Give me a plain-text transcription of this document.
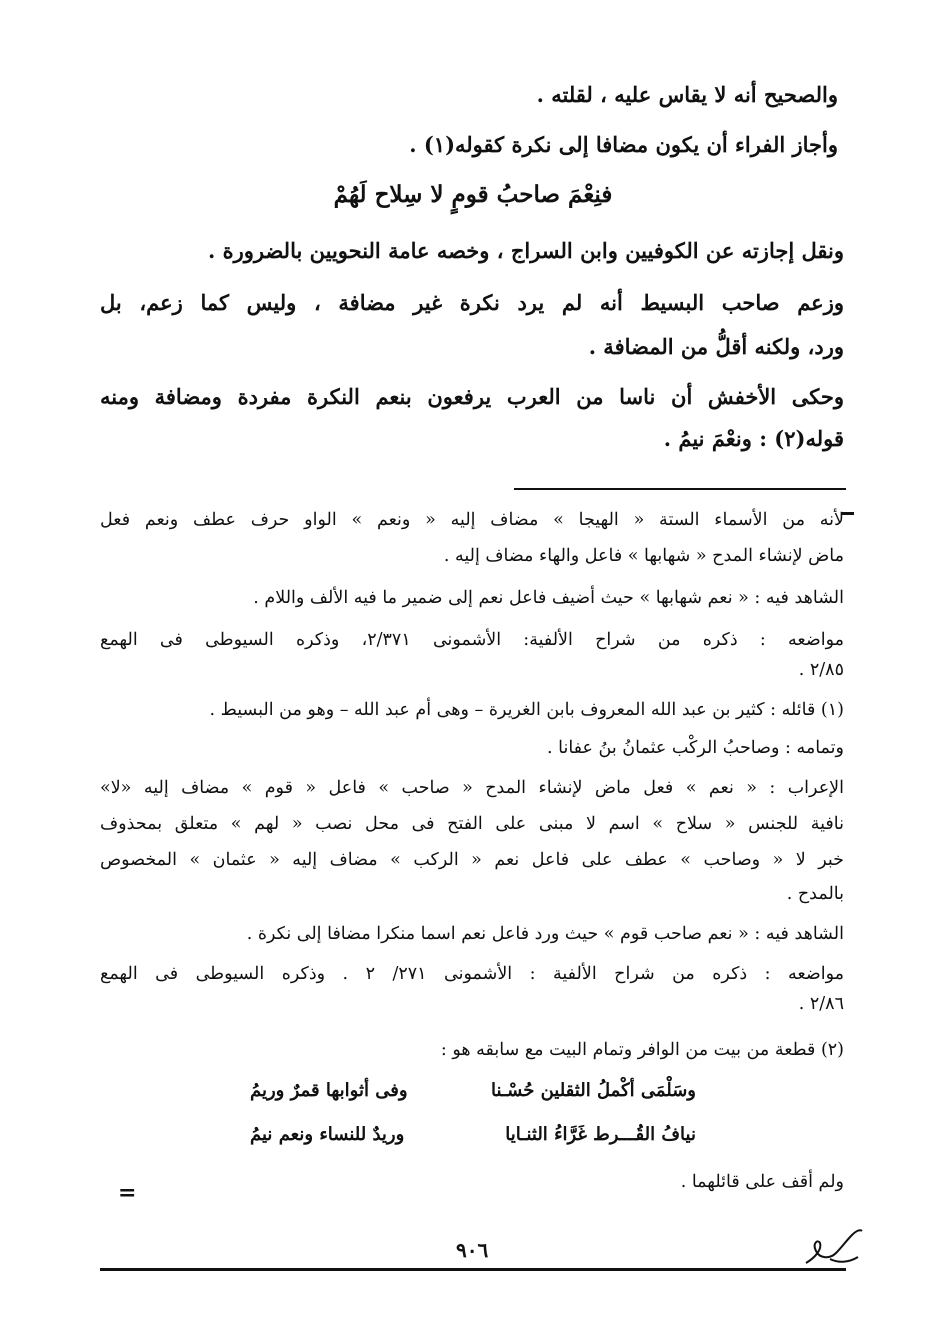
والصحيح أنه لا يقاس عليه ، لقلته .
وأجاز الفراء أن يكون مضافا إلى نكرة كقوله(١) .
فنِعْمَ صاحبُ قومٍ لا سِلاح لَهُمْ
ونقل إجازته عن الكوفيين وابن السراج ، وخصه عامة النحويين بالضرورة .
وزعم صاحب البسيط أنه لم يرد نكرة غير مضافة ، وليس كما زعم، بل
ورد، ولكنه أقلُّ من المضافة .
وحكى الأخفش أن ناسا من العرب يرفعون بنعم النكرة مفردة ومضافة ومنه
قوله(٢) : ونعْمَ نيمُ .
لأنه من الأسماء الستة « الهيجا » مضاف إليه « ونعم » الواو حرف عطف ونعم فعل
ماض لإنشاء المدح « شهابها » فاعل والهاء مضاف إليه .
الشاهد فيه : « نعم شهابها » حيث أضيف فاعل نعم إلى ضمير ما فيه الألف واللام .
مواضعه : ذكره من شراح الألفية: الأشمونى ٢/٣٧١، وذكره السيوطى فى الهمع
٢/٨٥ .
(١) قائله : كثير بن عبد الله المعروف بابن الغريرة – وهى أم عبد الله – وهو من البسيط .
وتمامه : وصاحبُ الركْب عثمانُ بنُ عفانا .
الإعراب : « نعم » فعل ماض لإنشاء المدح « صاحب » فاعل « قوم » مضاف إليه «لا»
نافية للجنس « سلاح » اسم لا مبنى على الفتح فى محل نصب « لهم » متعلق بمحذوف
خبر لا « وصاحب » عطف على فاعل نعم « الركب » مضاف إليه « عثمان » المخصوص
بالمدح .
الشاهد فيه : « نعم صاحب قوم » حيث ورد فاعل نعم اسما منكرا مضافا إلى نكرة .
مواضعه : ذكره من شراح الألفية : الأشمونى ٢٧١/ ٢ . وذكره السيوطى فى الهمع
٢/٨٦ .
(٢) قطعة من بيت من الوافر وتمام البيت مع سابقه هو :
وسَلْمَى أكْملُ الثقلين حُسْـنا
وفى أثوابها قمرٌ وريمُ
نيافُ القُـــرط غَرَّاءُ الثنـايا
وريدٌ للنساء ونعم نيمُ
ولم أقف على قائلهما .
=
٩٠٦
